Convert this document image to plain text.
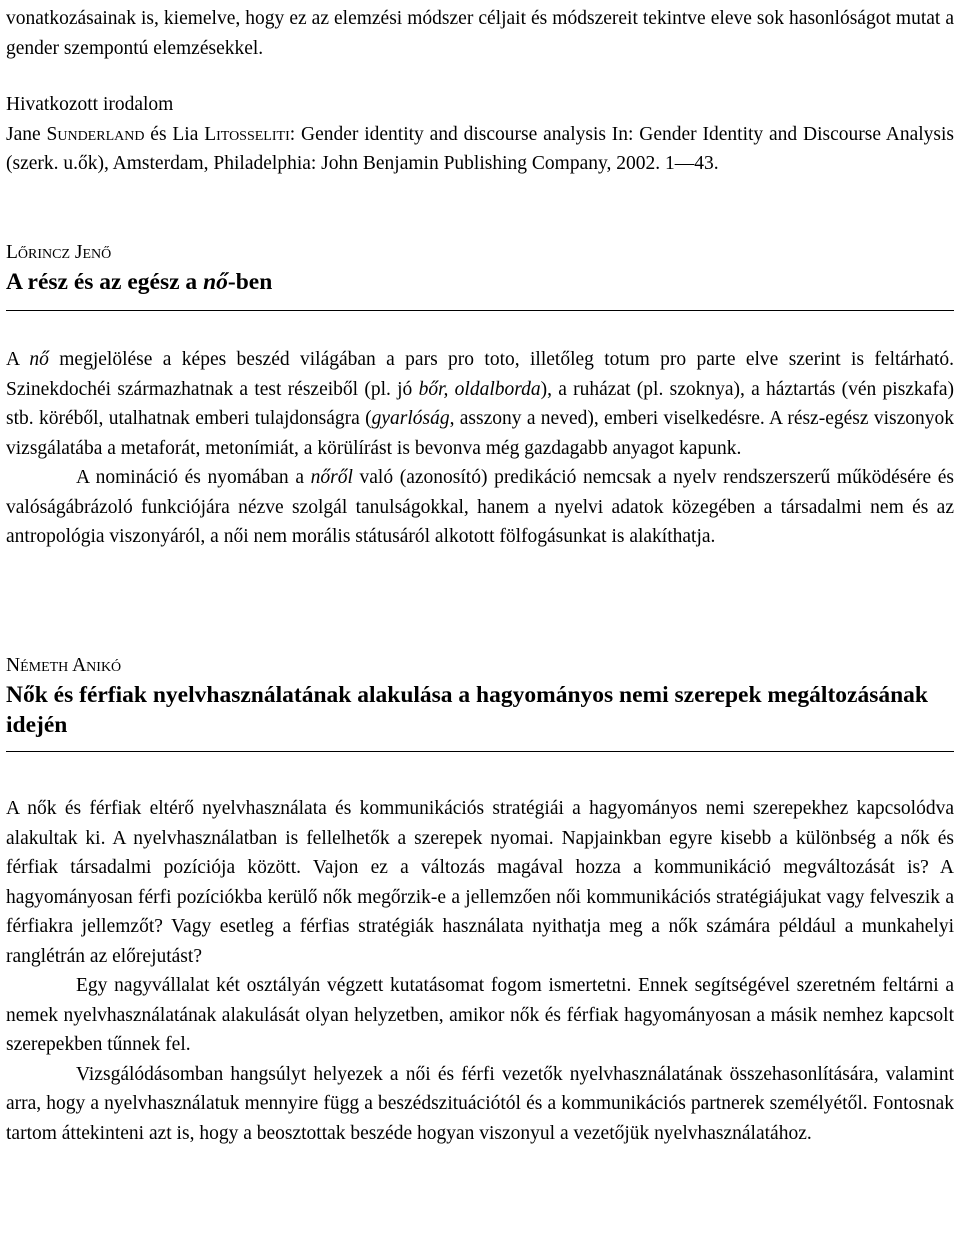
vonatkozásainak is, kiemelve, hogy ez az elemzési módszer céljait és módszereit tekintve eleve sok hasonlóságot mutat a gender szempontú elemzésekkel.

Hivatkozott irodalom

Jane Sunderland és Lia Litosseliti: Gender identity and discourse analysis In: Gender Identity and Discourse Analysis (szerk. u.ők), Amsterdam, Philadelphia: John Benjamin Publishing Company, 2002. 1—43.

Lőrincz Jenő
A rész és az egész a nő-ben

A nő megjelölése a képes beszéd világában a pars pro toto, illetőleg totum pro parte elve szerint is feltárható. Szinekdochéi származhatnak a test részeiből (pl. jó bőr, oldalborda), a ruházat (pl. szoknya), a háztartás (vén piszkafa) stb. köréből, utalhatnak emberi tulajdonságra (gyarlóság, asszony a neved), emberi viselkedésre. A rész-egész viszonyok vizsgálatába a metaforát, metonímiát, a körülírást is bevonva még gazdagabb anyagot kapunk.

A nomináció és nyomában a nőről való (azonosító) predikáció nemcsak a nyelv rendszerszerű működésére és valóságábrázoló funkciójára nézve szolgál tanulságokkal, hanem a nyelvi adatok közegében a társadalmi nem és az antropológia viszonyáról, a női nem morális státusáról alkotott fölfogásunkat is alakíthatja.

Németh Anikó
Nők és férfiak nyelvhasználatának alakulása a hagyományos nemi szerepek megáltozásának idején

A nők és férfiak eltérő nyelvhasználata és kommunikációs stratégiái a hagyományos nemi szerepekhez kapcsolódva alakultak ki. A nyelvhasználatban is fellelhetők a szerepek nyomai. Napjainkban egyre kisebb a különbség a nők és férfiak társadalmi pozíciója között. Vajon ez a változás magával hozza a kommunikáció megváltozását is? A hagyományosan férfi pozíciókba kerülő nők megőrzik-e a jellemzően női kommunikációs stratégiájukat vagy felveszik a férfiakra jellemzőt? Vagy esetleg a férfias stratégiák használata nyithatja meg a nők számára például a munkahelyi ranglétrán az előrejutást?

Egy nagyvállalat két osztályán végzett kutatásomat fogom ismertetni. Ennek segítségével szeretném feltárni a nemek nyelvhasználatának alakulását olyan helyzetben, amikor nők és férfiak hagyományosan a másik nemhez kapcsolt szerepekben tűnnek fel.

Vizsgálódásomban hangsúlyt helyezek a női és férfi vezetők nyelvhasználatának összehasonlítására, valamint arra, hogy a nyelvhasználatuk mennyire függ a beszédszituációtól és a kommunikációs partnerek személyétől. Fontosnak tartom áttekinteni azt is, hogy a beosztottak beszéde hogyan viszonyul a vezetőjük nyelvhasználatához.
